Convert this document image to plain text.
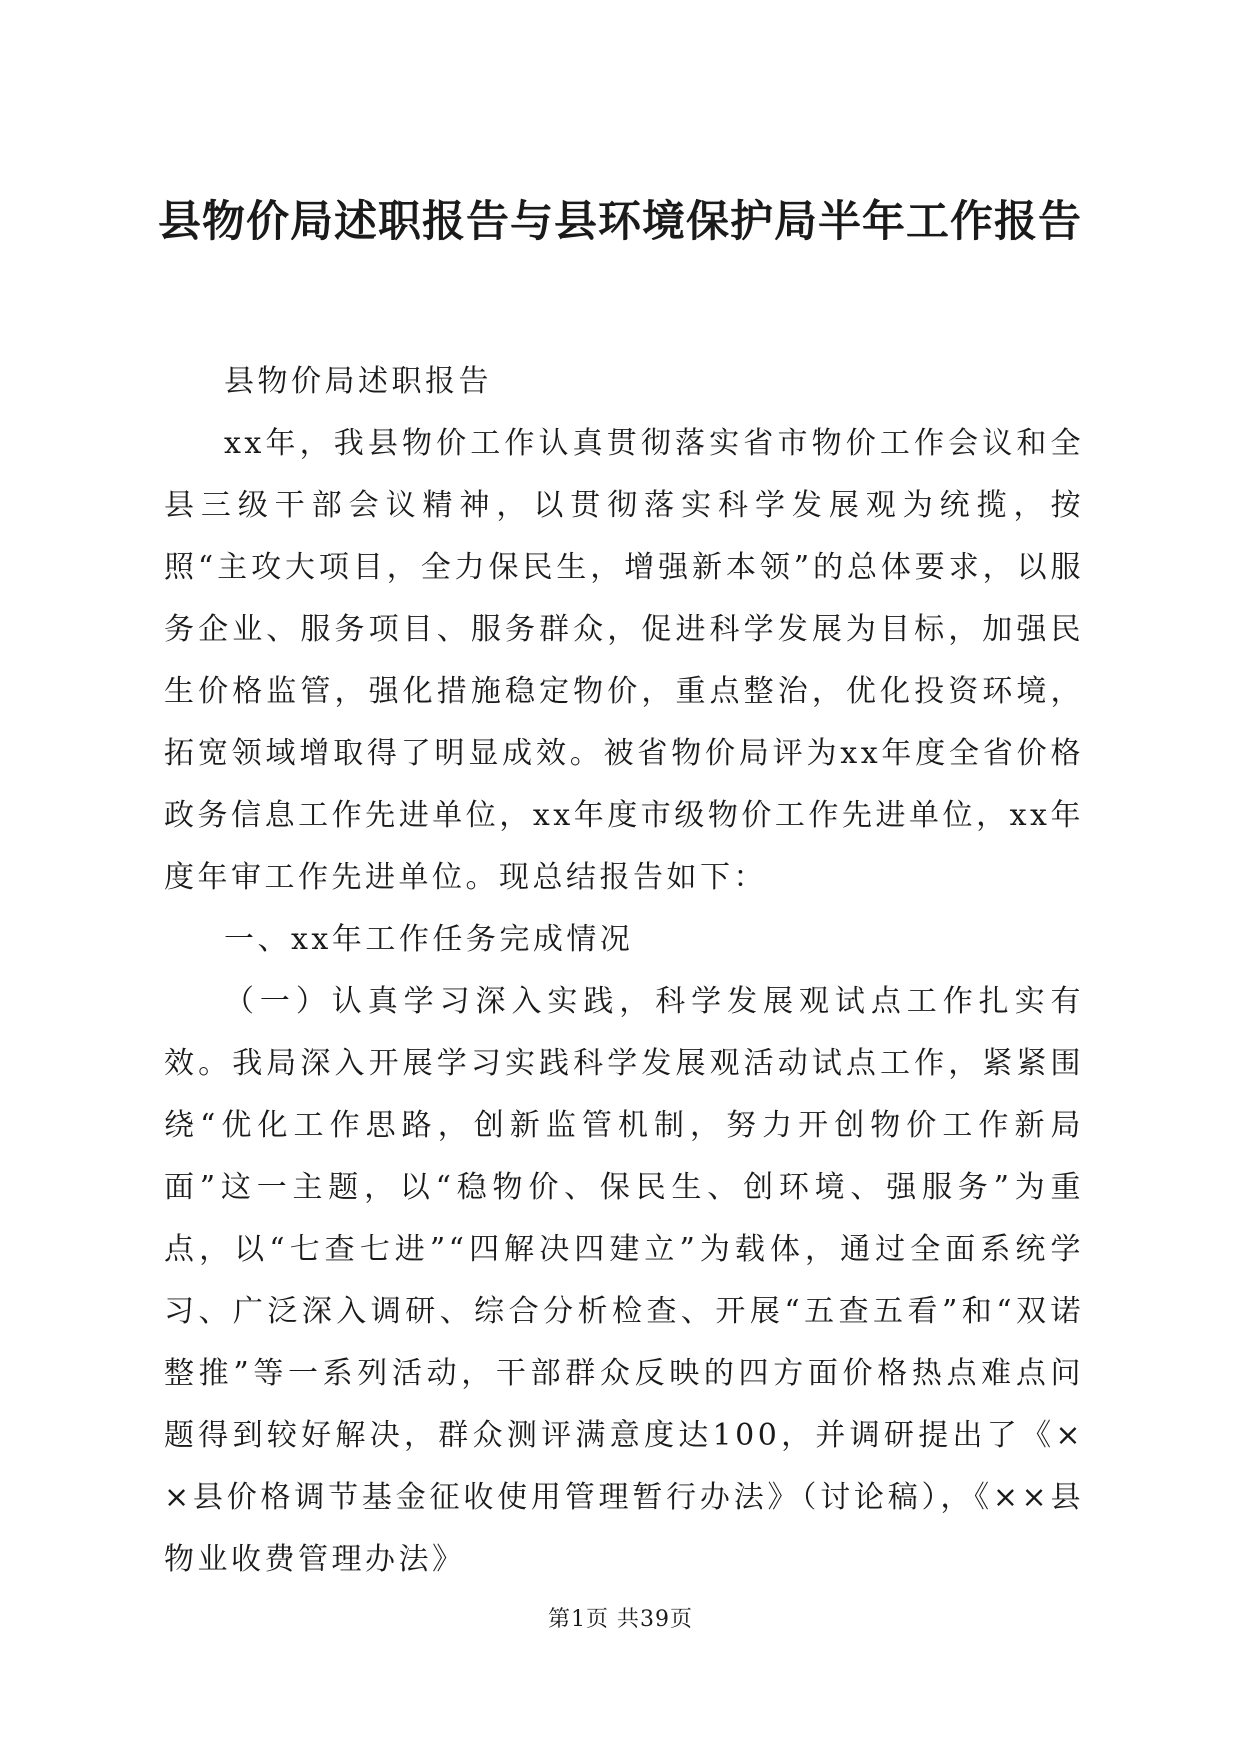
县物价局述职报告与县环境保护局半年工作报告

县物价局述职报告

xx年，我县物价工作认真贯彻落实省市物价工作会议和全县三级干部会议精神，以贯彻落实科学发展观为统揽，按照“主攻大项目，全力保民生，增强新本领”的总体要求，以服务企业、服务项目、服务群众，促进科学发展为目标，加强民生价格监管，强化措施稳定物价，重点整治，优化投资环境，拓宽领域增取得了明显成效。被省物价局评为xx年度全省价格政务信息工作先进单位，xx年度市级物价工作先进单位，xx年度年审工作先进单位。现总结报告如下：

一、xx年工作任务完成情况

（一）认真学习深入实践，科学发展观试点工作扎实有效。我局深入开展学习实践科学发展观活动试点工作，紧紧围绕“优化工作思路，创新监管机制，努力开创物价工作新局面”这一主题，以“稳物价、保民生、创环境、强服务”为重点，以“七查七进”“四解决四建立”为载体，通过全面系统学习、广泛深入调研、综合分析检查、开展“五查五看”和“双诺整推”等一系列活动，干部群众反映的四方面价格热点难点问题得到较好解决，群众测评满意度达100，并调研提出了《××县价格调节基金征收使用管理暂行办法》（讨论稿），《××县物业收费管理办法》

第1页 共39页
